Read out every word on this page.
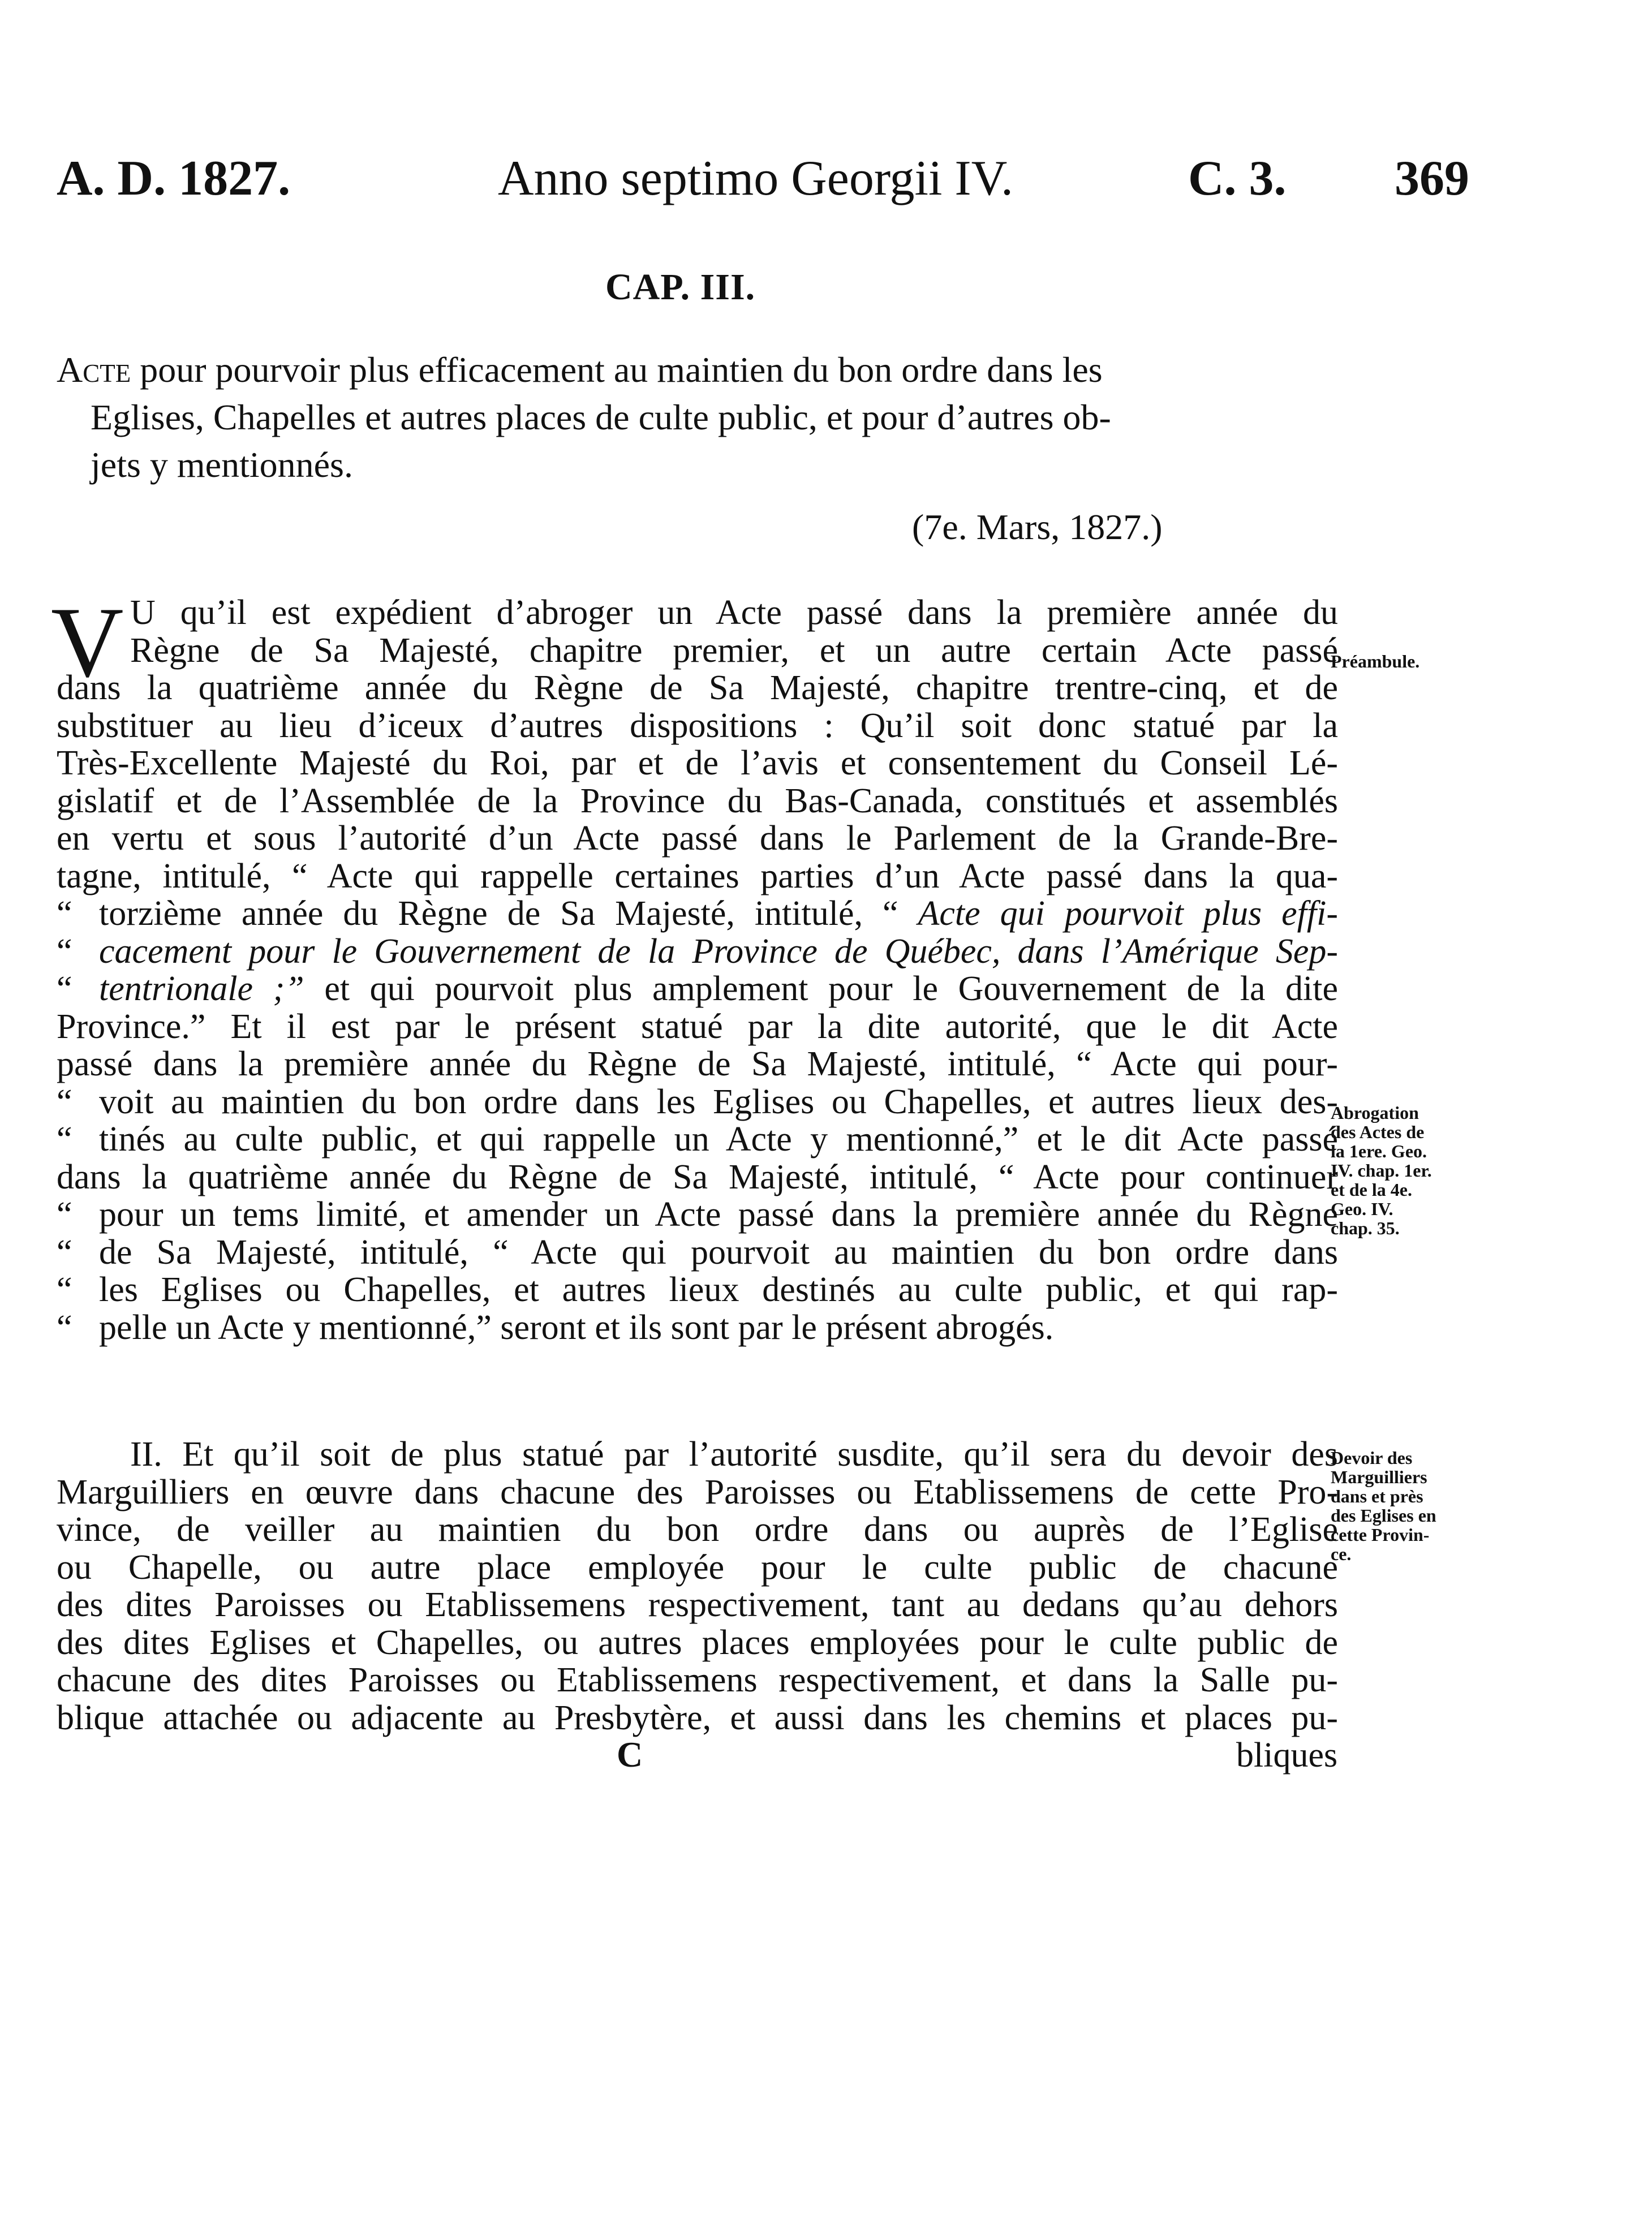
A. D. 1827.	Anno septimo Georgii IV.	C. 3. 369
CAP. III.
Acte pour pourvoir plus efficacement au maintien du bon ordre dans les
Eglises, Chapelles et autres places de culte public, et pour d’autres ob-
jets y mentionnés.
(7e. Mars, 1827.)
V U qu’il est expédient d’abroger un Acte passé dans la première année du
Règne de Sa Majesté, chapitre premier, et un autre certain Acte passé
dans la quatrième année du Règne de Sa Majesté, chapitre trentre-cinq, et de
substituer au lieu d’iceux d’autres dispositions : Qu’il soit donc statué par la
Très-Excellente Majesté du Roi, par et de l’avis et consentement du Conseil Lé-
gislatif et de l’Assemblée de la Province du Bas-Canada, constitués et assemblés
en vertu et sous l’autorité d’un Acte passé dans le Parlement de la Grande-Bre-
tagne, intitulé, “ Acte qui rappelle certaines parties d’un Acte passé dans la qua-
“ torzième année du Règne de Sa Majesté, intitulé, “ Acte qui pourvoit plus effi-
“ cacement pour le Gouvernement de la Province de Québec, dans l’Amérique Sep-
“ tentrionale ;” et qui pourvoit plus amplement pour le Gouvernement de la dite
Province.” Et il est par le présent statué par la dite autorité, que le dit Acte
passé dans la première année du Règne de Sa Majesté, intitulé, “ Acte qui pour-
“ voit au maintien du bon ordre dans les Eglises ou Chapelles, et autres lieux des-
“ tinés au culte public, et qui rappelle un Acte y mentionné,” et le dit Acte passé
dans la quatrième année du Règne de Sa Majesté, intitulé, “ Acte pour continuer
“ pour un tems limité, et amender un Acte passé dans la première année du Règne
“ de Sa Majesté, intitulé, “ Acte qui pourvoit au maintien du bon ordre dans
“ les Eglises ou Chapelles, et autres lieux destinés au culte public, et qui rap-
“ pelle un Acte y mentionné,” seront et ils sont par le présent abrogés.
II. Et qu’il soit de plus statué par l’autorité susdite, qu’il sera du devoir des
Marguilliers en œuvre dans chacune des Paroisses ou Etablissemens de cette Pro-
vince, de veiller au maintien du bon ordre dans ou auprès de l’Eglise
ou Chapelle, ou autre place employée pour le culte public de chacune
des dites Paroisses ou Etablissemens respectivement, tant au dedans qu’au dehors
des dites Eglises et Chapelles, ou autres places employées pour le culte public de
chacune des dites Paroisses ou Etablissemens respectivement, et dans la Salle pu-
blique attachée ou adjacente au Presbytère, et aussi dans les chemins et places pu-
Préambule.
Abrogation
des Actes de
la 1ere. Geo.
IV. chap. 1er.
et de la 4e.
Geo. IV.
chap. 35.
Devoir des
Marguilliers
dans et près
des Eglises en
cette Provin-
ce.
C	bliques
